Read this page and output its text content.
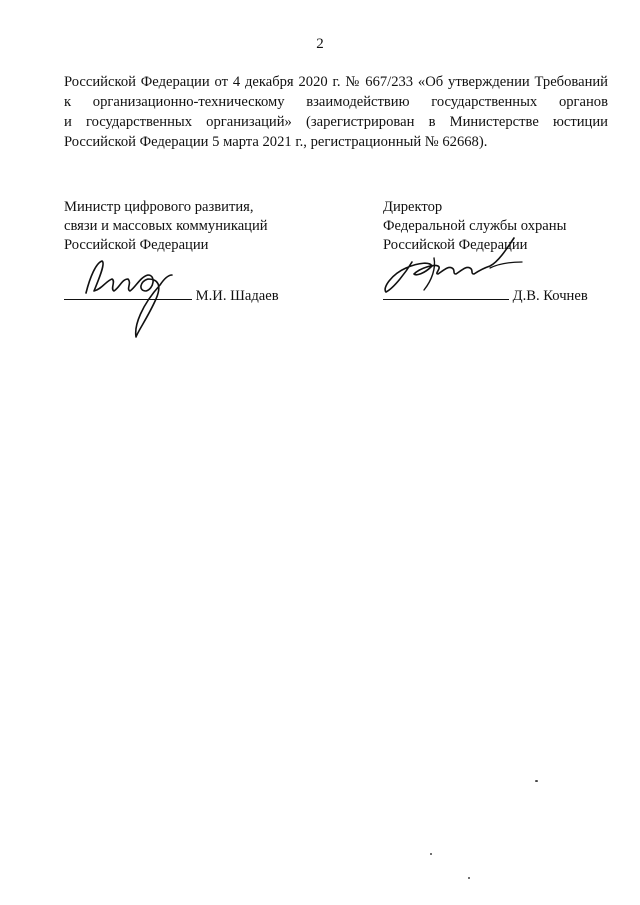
2
Российской Федерации от 4 декабря 2020 г. № 667/233 «Об утверждении Требований
к организационно-техническому взаимодействию государственных органов
и государственных организаций» (зарегистрирован в Министерстве юстиции
Российской Федерации 5 марта 2021 г., регистрационный № 62668).
Министр цифрового развития,
связи и массовых коммуникаций
Российской Федерации
Директор
Федеральной службы охраны
Российской Федерации
М.И. Шадаев	Д.В. Кочнев
